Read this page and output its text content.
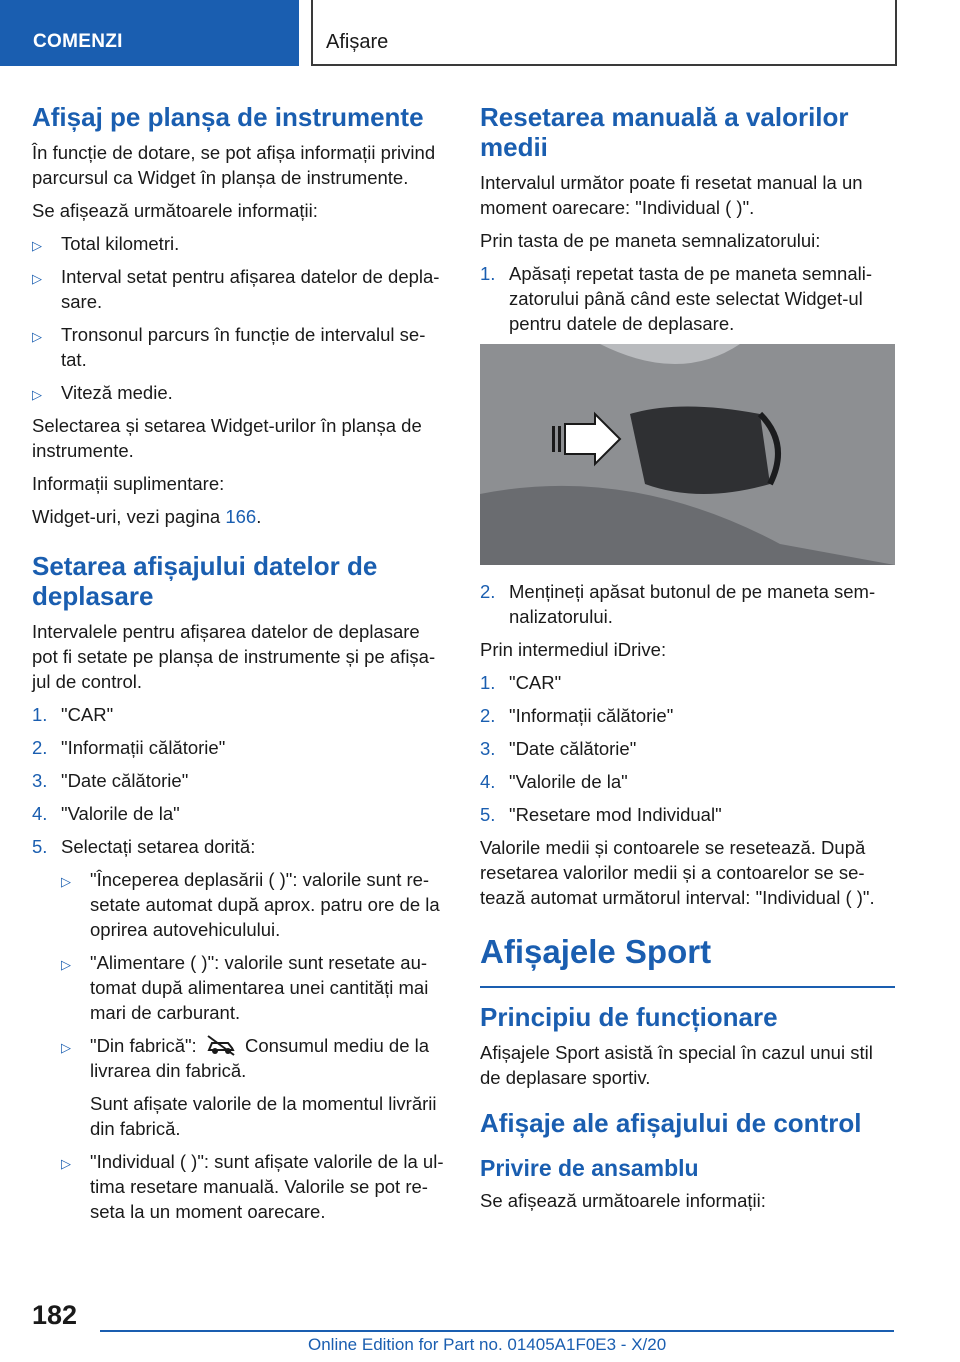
COMENZI	Afișare
Afișaj pe planșa de instrumente

În funcție de dotare, se pot afișa informații privind parcursul ca Widget în planșa de instrumente.

Se afișează următoarele informații:

▷ Total kilometri.
▷ Interval setat pentru afișarea datelor de depla-sare.
▷ Tronsonul parcurs în funcție de intervalul se-tat.
▷ Viteză medie.

Selectarea și setarea Widget-urilor în planșa de instrumente.

Informații suplimentare:

Widget-uri, vezi pagina 166.

Setarea afișajului datelor de deplasare

Intervalele pentru afișarea datelor de deplasare pot fi setate pe planșa de instrumente și pe afișa-jul de control.

1. "CAR"
2. "Informații călătorie"
3. "Date călătorie"
4. "Valorile de la"
5. Selectați setarea dorită:
▷ "Începerea deplasării ( )": valorile sunt re-setate automat după aprox. patru ore de la oprirea autovehiculului.
▷ "Alimentare ( )": valorile sunt resetate au-tomat după alimentarea unei cantități mai mari de carburant.
▷ "Din fabrică":  Consumul mediu de la livrarea din fabrică.

Sunt afișate valorile de la momentul livrării din fabrică.

▷ "Individual ( )": sunt afișate valorile de la ul-tima resetare manuală. Valorile se pot re-seta la un moment oarecare.
Resetarea manuală a valorilor medii

Intervalul următor poate fi resetat manual la un moment oarecare: "Individual ( )".

Prin tasta de pe maneta semnalizatorului:

1. Apăsați repetat tasta de pe maneta semnali-zatorului până când este selectat Widget-ul pentru datele de deplasare.
2. Mențineți apăsat butonul de pe maneta sem-nalizatorului.

Prin intermediul iDrive:

1. "CAR"
2. "Informații călătorie"
3. "Date călătorie"
4. "Valorile de la"
5. "Resetare mod Individual"

Valorile medii și contoarele se resetează. După resetarea valorilor medii și a contoarelor se se-tează automat următorul interval: "Individual ( )".

Afișajele Sport
Principiu de funcționare

Afișajele Sport asistă în special în cazul unui stil de deplasare sportiv.

Afișaje ale afișajului de control
Privire de ansamblu

Se afișează următoarele informații:

182
Online Edition for Part no. 01405A1F0E3 - X/20
